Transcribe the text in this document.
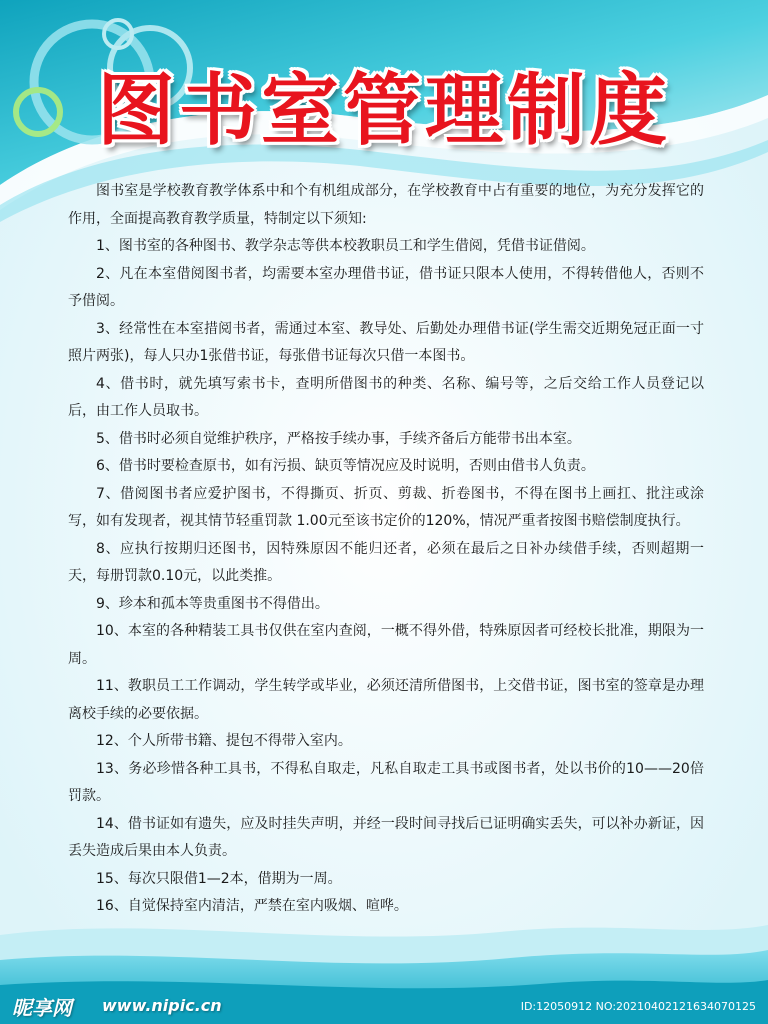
图书室管理制度

图书室是学校教育教学体系中和个有机组成部分，在学校教育中占有重要的地位，为充分发挥它的作用，全面提高教育教学质量，特制定以下须知:

1、图书室的各种图书、教学杂志等供本校教职员工和学生借阅，凭借书证借阅。

2、凡在本室借阅图书者，均需要本室办理借书证，借书证只限本人使用，不得转借他人，否则不予借阅。

3、经常性在本室措阅书者，需通过本室、教导处、后勤处办理借书证(学生需交近期免冠正面一寸照片两张)，每人只办1张借书证，每张借书证每次只借一本图书。

4、借书时，就先填写索书卡，查明所借图书的种类、名称、编号等，之后交给工作人员登记以后，由工作人员取书。

5、借书时必须自觉维护秩序，严格按手续办事，手续齐备后方能带书出本室。

6、借书时要检查原书，如有污损、缺页等情况应及时说明，否则由借书人负责。

7、借阅图书者应爱护图书，不得撕页、折页、剪裁、折卷图书，不得在图书上画扛、批注或涂写，如有发现者，视其情节轻重罚款 1.00元至该书定价的120%，情况严重者按图书赔偿制度执行。

8、应执行按期归还图书，因特殊原因不能归还者，必须在最后之日补办续借手续，否则超期一天，每册罚款0.10元，以此类推。

9、珍本和孤本等贵重图书不得借出。

10、本室的各种精装工具书仅供在室内查阅，一概不得外借，特殊原因者可经校长批准，期限为一周。

11、教职员工工作调动，学生转学或毕业，必须还清所借图书，上交借书证，图书室的签章是办理离校手续的必要依据。

12、个人所带书籍、提包不得带入室内。

13、务必珍惜各种工具书，不得私自取走，凡私自取走工具书或图书者，处以书价的10——20倍罚款。

14、借书证如有遗失，应及时挂失声明，并经一段时间寻找后已证明确实丢失，可以补办新证，因丢失造成后果由本人负责。

15、每次只限借1—2本，借期为一周。

16、自觉保持室内清洁，严禁在室内吸烟、喧哗。

昵享网 www.nipic.cn	ID:12050912 NO:20210402121634070125
